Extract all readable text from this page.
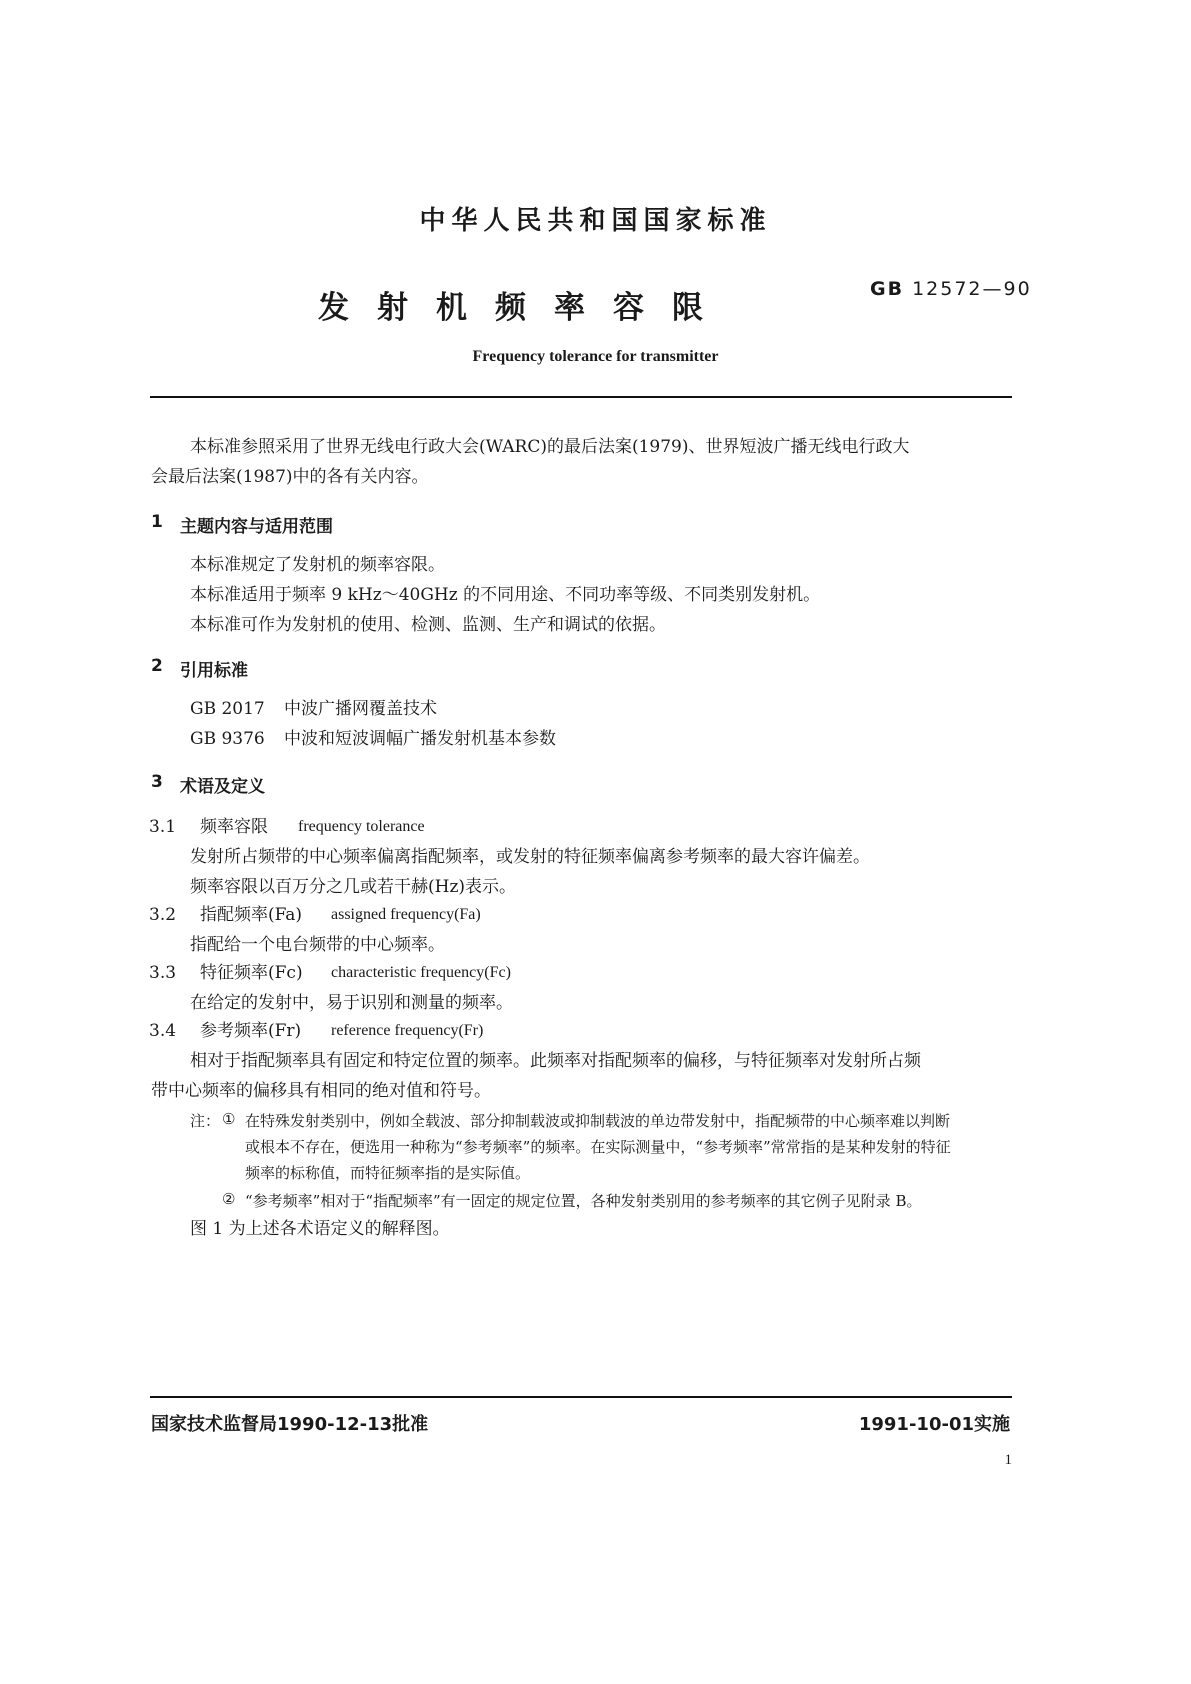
中华人民共和国国家标准
发射机频率容限
GB 12572—90
Frequency tolerance for transmitter
本标准参照采用了世界无线电行政大会(WARC)的最后法案(1979)、世界短波广播无线电行政大
会最后法案(1987)中的各有关内容。
1 主题内容与适用范围
本标准规定了发射机的频率容限。
本标准适用于频率 9 kHz～40GHz 的不同用途、不同功率等级、不同类别发射机。
本标准可作为发射机的使用、检测、监测、生产和调试的依据。
2 引用标准
GB 2017 中波广播网覆盖技术
GB 9376 中波和短波调幅广播发射机基本参数
3 术语及定义
3.1 频率容限 frequency tolerance
发射所占频带的中心频率偏离指配频率，或发射的特征频率偏离参考频率的最大容许偏差。
频率容限以百万分之几或若干赫(Hz)表示。
3.2 指配频率(Fa) assigned frequency(Fa)
指配给一个电台频带的中心频率。
3.3 特征频率(Fc) characteristic frequency(Fc)
在给定的发射中，易于识别和测量的频率。
3.4 参考频率(Fr) reference frequency(Fr)
相对于指配频率具有固定和特定位置的频率。此频率对指配频率的偏移，与特征频率对发射所占频
带中心频率的偏移具有相同的绝对值和符号。
注： ① 在特殊发射类别中，例如全载波、部分抑制载波或抑制载波的单边带发射中，指配频带的中心频率难以判断
或根本不存在，便选用一种称为“参考频率”的频率。在实际测量中，“参考频率”常常指的是某种发射的特征
频率的标称值，而特征频率指的是实际值。
② “参考频率”相对于“指配频率”有一固定的规定位置，各种发射类别用的参考频率的其它例子见附录 B。
图 1 为上述各术语定义的解释图。
国家技术监督局1990-12-13批准	1991-10-01实施
1
